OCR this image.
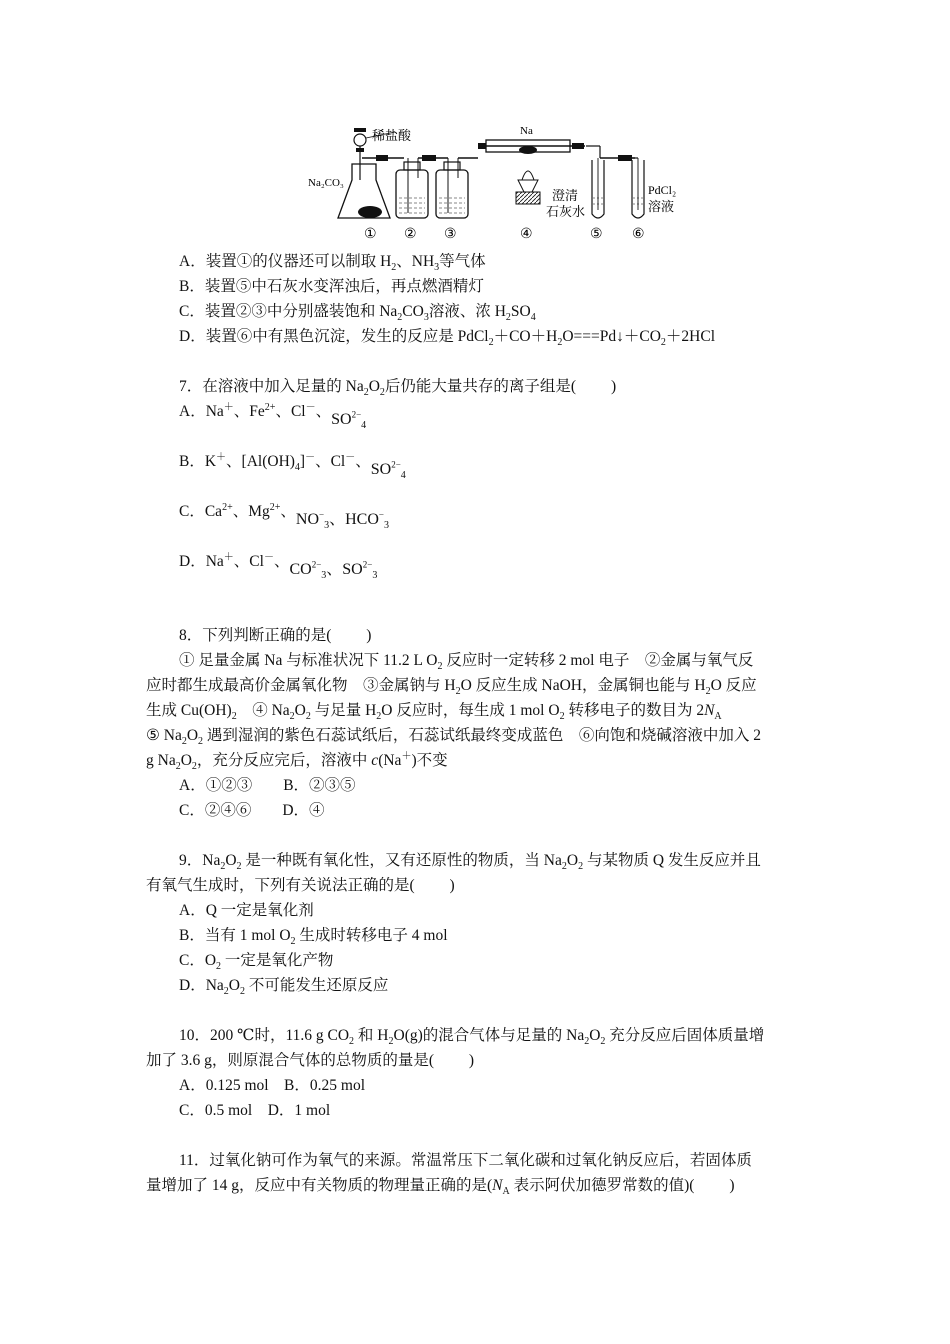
稀盐酸
Na₂CO₃
Na
澄清
石灰水
PdCl₂
溶液
① ② ③	④	⑤ ⑥
A．装置①的仪器还可以制取 $H_2$、$NH_3$等气体
B．装置⑤中石灰水变浑浊后，再点燃酒精灯
C．装置②③中分别盛装饱和 $Na_2CO_3$溶液、浓 $H_2SO_4$
D．装置⑥中有黑色沉淀，发生的反应是 $PdCl_2+CO+H_2O===Pd↓+CO_2+2HCl$
7．在溶液中加入足量的 $Na_2O_2$后仍能大量共存的离子组是(　　 )
A．Na＋、$Fe^{2+}$、Cl－、$SO^{2-}_4$
B．K＋、$[Al(OH)_4]^-$、Cl－、$SO^{2-}_4$
C．$Ca^{2+}$、$Mg^{2+}$、$NO^-_3$、$HCO^-_3$
D．Na＋、Cl－、$CO^{2-}_3$、$SO^{2-}_3$
8．下列判断正确的是(　　 )
① 足量金属 Na 与标准状况下 11.2 L $O_2$ 反应时一定转移 2 mol 电子　②金属与氧气反
应时都生成最高价金属氧化物　③金属钠与 $H_2O$ 反应生成 NaOH，金属铜也能与 $H_2O$ 反应
生成 $Cu(OH)_2$　④ $Na_2O_2$ 与足量 $H_2O$ 反应时，每生成 1 mol $O_2$ 转移电子的数目为 $2N_A$
⑤ $Na_2O_2$ 遇到湿润的紫色石蕊试纸后，石蕊试纸最终变成蓝色　⑥向饱和烧碱溶液中加入 2
g $Na_2O_2$，充分反应完后，溶液中 c(Na＋)不变
A．①②③　　B．②③⑤
C．②④⑥　　D．④
9．$Na_2O_2$ 是一种既有氧化性，又有还原性的物质，当 $Na_2O_2$ 与某物质 Q 发生反应并且
有氧气生成时，下列有关说法正确的是(　　 )
A．Q 一定是氧化剂
B．当有 1 mol $O_2$ 生成时转移电子 4 mol
C．$O_2$ 一定是氧化产物
D．$Na_2O_2$ 不可能发生还原反应
10．200 ℃时，11.6 g $CO_2$ 和 $H_2O(g)$的混合气体与足量的 $Na_2O_2$ 充分反应后固体质量增
加了 3.6 g，则原混合气体的总物质的量是(　　 )
A．0.125 mol　B．0.25 mol
C．0.5 mol　D．1 mol
11．过氧化钠可作为氧气的来源。常温常压下二氧化碳和过氧化钠反应后，若固体质
量增加了 14 g，反应中有关物质的物理量正确的是($N_A$ 表示阿伏加德罗常数的值)(　　 )
